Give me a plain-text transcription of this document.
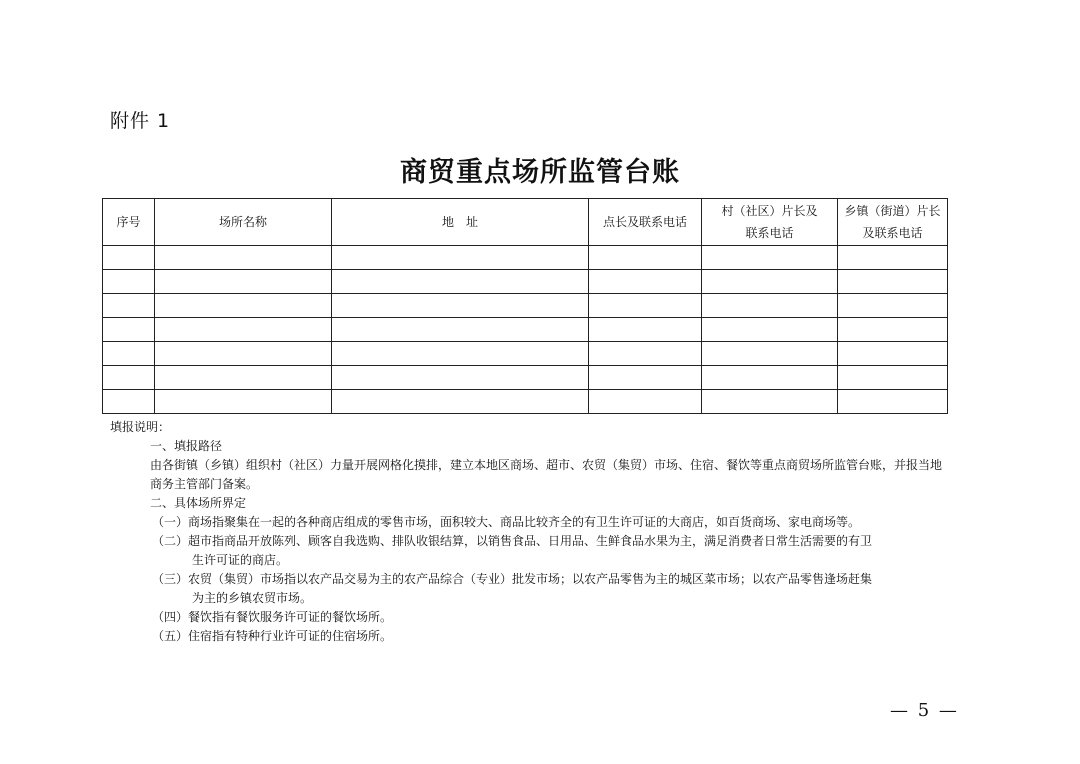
附件 1
商贸重点场所监管台账
序号	场所名称	地　址	点长及联系电话	村（社区）片长及联系电话	乡镇（街道）片长及联系电话

填报说明：

一、填报路径

由各街镇（乡镇）组织村（社区）力量开展网格化摸排，建立本地区商场、超市、农贸（集贸）市场、住宿、餐饮等重点商贸场所监管台账，并报当地商务主管部门备案。

二、具体场所界定

（一）商场指聚集在一起的各种商店组成的零售市场，面积较大、商品比较齐全的有卫生许可证的大商店，如百货商场、家电商场等。

（二）超市指商品开放陈列、顾客自我选购、排队收银结算，以销售食品、日用品、生鲜食品水果为主，满足消费者日常生活需要的有卫

生许可证的商店。

（三）农贸（集贸）市场指以农产品交易为主的农产品综合（专业）批发市场；以农产品零售为主的城区菜市场；以农产品零售逢场赶集

为主的乡镇农贸市场。

（四）餐饮指有餐饮服务许可证的餐饮场所。

（五）住宿指有特种行业许可证的住宿场所。

— 5 —
